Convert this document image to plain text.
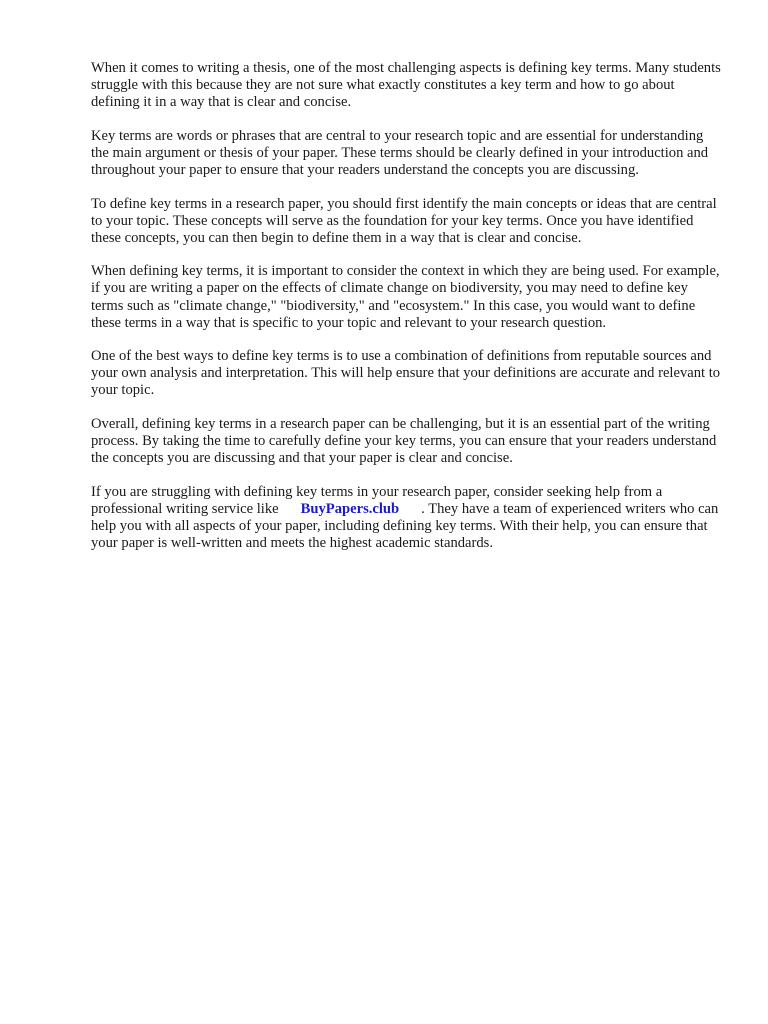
When it comes to writing a thesis, one of the most challenging aspects is defining key terms. Many students struggle with this because they are not sure what exactly constitutes a key term and how to go about defining it in a way that is clear and concise.

Key terms are words or phrases that are central to your research topic and are essential for understanding the main argument or thesis of your paper. These terms should be clearly defined in your introduction and throughout your paper to ensure that your readers understand the concepts you are discussing.

To define key terms in a research paper, you should first identify the main concepts or ideas that are central to your topic. These concepts will serve as the foundation for your key terms. Once you have identified these concepts, you can then begin to define them in a way that is clear and concise.

When defining key terms, it is important to consider the context in which they are being used. For example, if you are writing a paper on the effects of climate change on biodiversity, you may need to define key terms such as "climate change," "biodiversity," and "ecosystem." In this case, you would want to define these terms in a way that is specific to your topic and relevant to your research question.

One of the best ways to define key terms is to use a combination of definitions from reputable sources and your own analysis and interpretation. This will help ensure that your definitions are accurate and relevant to your topic.

Overall, defining key terms in a research paper can be challenging, but it is an essential part of the writing process. By taking the time to carefully define your key terms, you can ensure that your readers understand the concepts you are discussing and that your paper is clear and concise.

If you are struggling with defining key terms in your research paper, consider seeking help from a professional writing service like BuyPapers.club . They have a team of experienced writers who can help you with all aspects of your paper, including defining key terms. With their help, you can ensure that your paper is well-written and meets the highest academic standards.
